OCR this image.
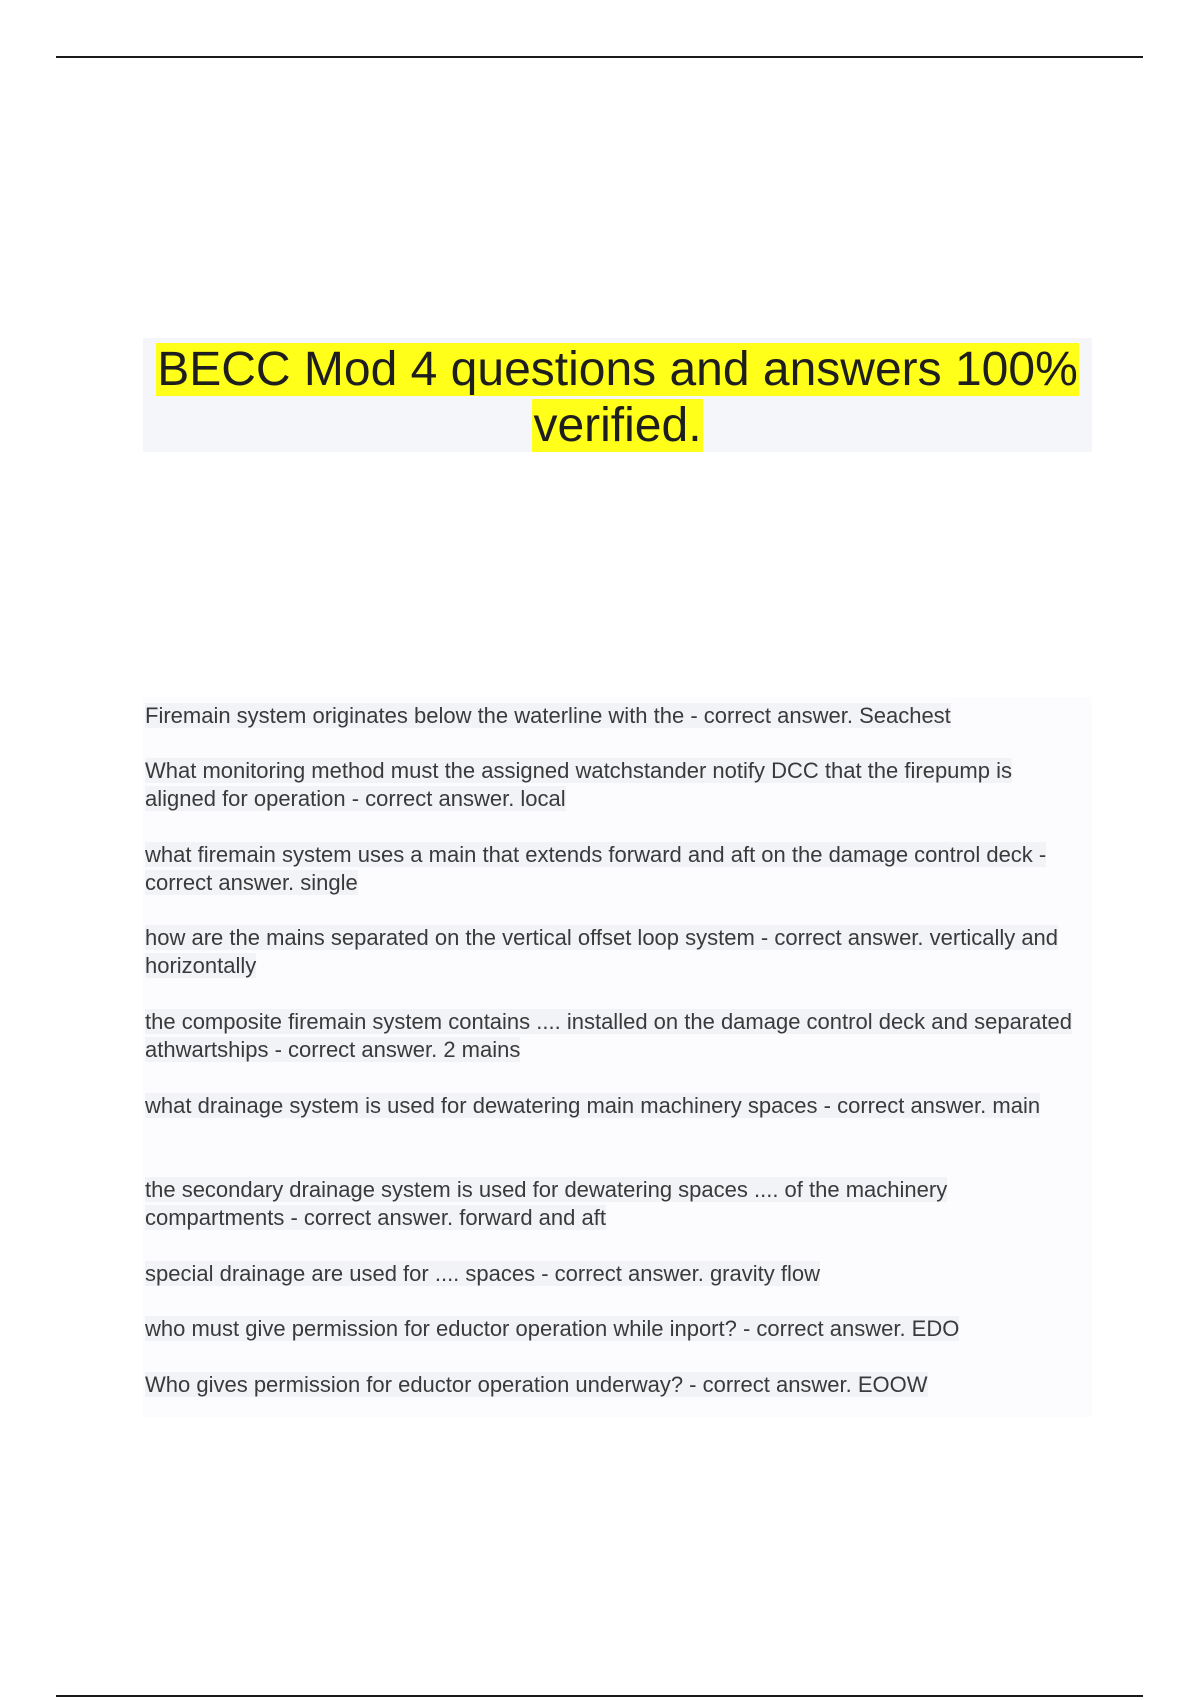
BECC Mod 4 questions and answers 100% verified.

Firemain system originates below the waterline with the - correct answer. Seachest

What monitoring method must the assigned watchstander notify DCC that the firepump is aligned for operation - correct answer. local

what firemain system uses a main that extends forward and aft on the damage control deck - correct answer. single

how are the mains separated on the vertical offset loop system - correct answer. vertically and horizontally

the composite firemain system contains .... installed on the damage control deck and separated athwartships - correct answer. 2 mains

what drainage system is used for dewatering main machinery spaces - correct answer. main

the secondary drainage system is used for dewatering spaces .... of the machinery compartments - correct answer. forward and aft

special drainage are used for .... spaces - correct answer. gravity flow

who must give permission for eductor operation while inport? - correct answer. EDO

Who gives permission for eductor operation underway? - correct answer. EOOW
